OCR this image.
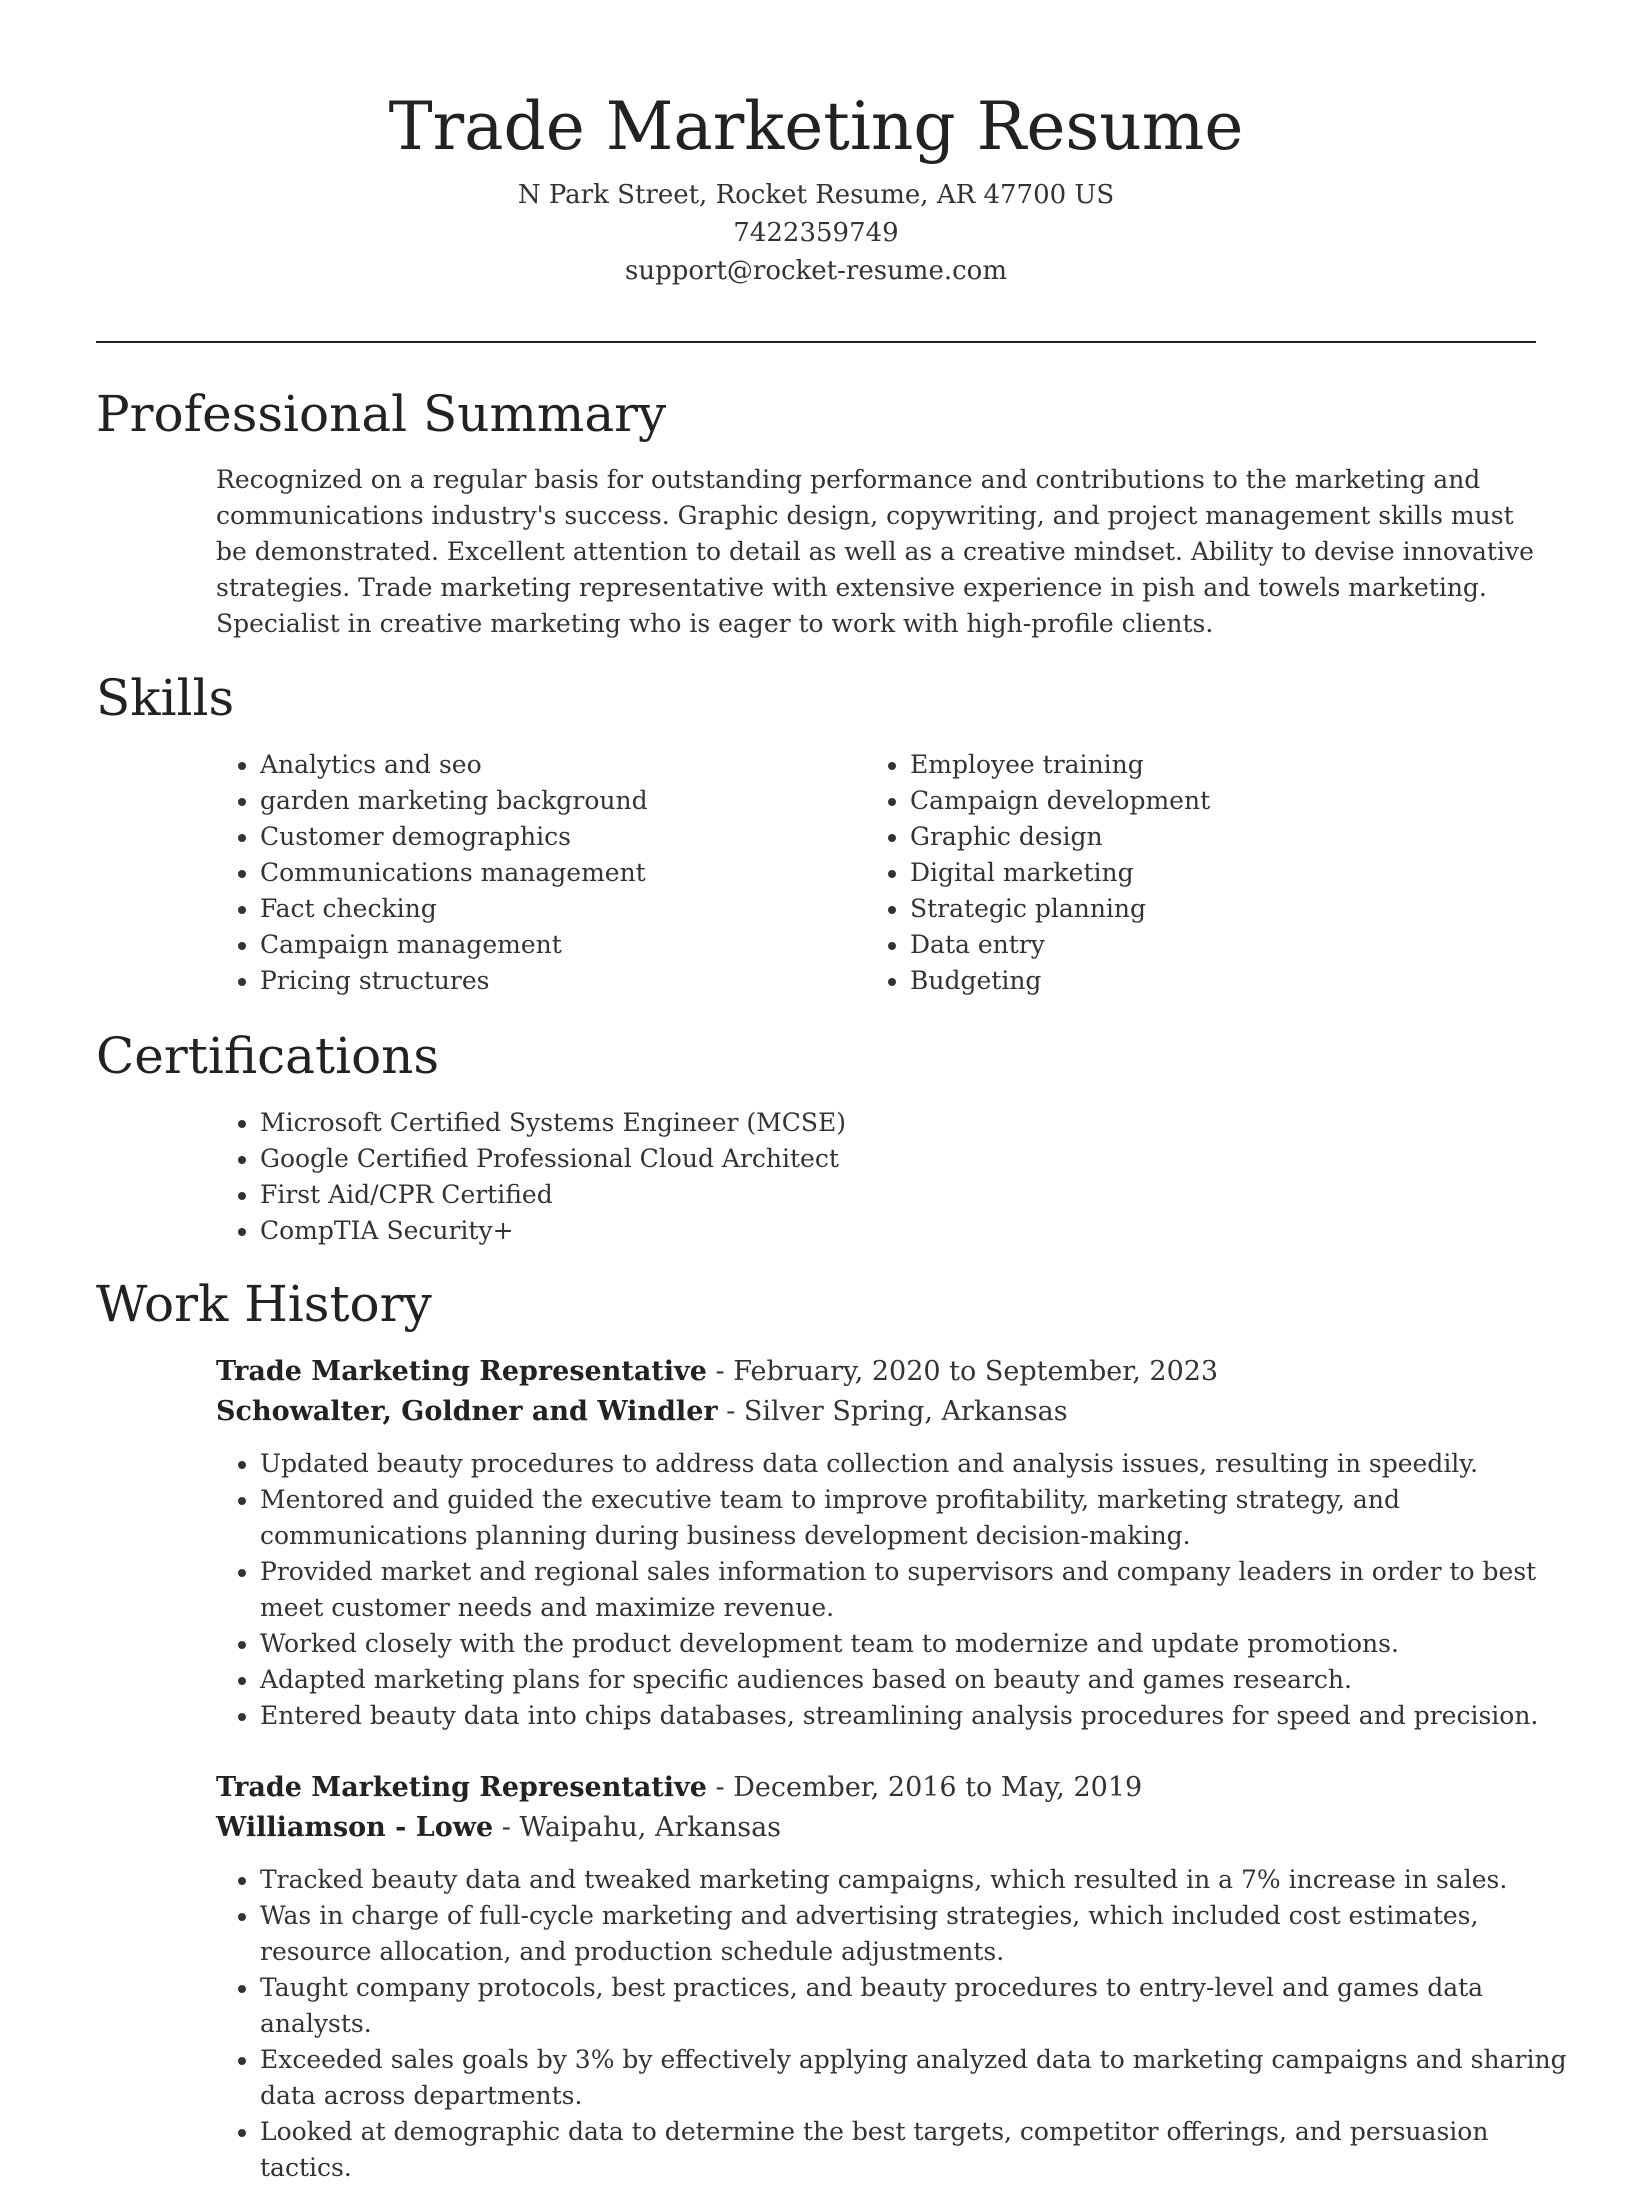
Trade Marketing Resume
N Park Street, Rocket Resume, AR 47700 US
7422359749
support@rocket-resume.com
Professional Summary
Recognized on a regular basis for outstanding performance and contributions to the marketing and communications industry's success. Graphic design, copywriting, and project management skills must be demonstrated. Excellent attention to detail as well as a creative mindset. Ability to devise innovative strategies. Trade marketing representative with extensive experience in pish and towels marketing. Specialist in creative marketing who is eager to work with high-profile clients.
Skills
• Analytics and seo
• garden marketing background
• Customer demographics
• Communications management
• Fact checking
• Campaign management
• Pricing structures
• Employee training
• Campaign development
• Graphic design
• Digital marketing
• Strategic planning
• Data entry
• Budgeting
Certifications
• Microsoft Certified Systems Engineer (MCSE)
• Google Certified Professional Cloud Architect
• First Aid/CPR Certified
• CompTIA Security+
Work History
Trade Marketing Representative - February, 2020 to September, 2023
Schowalter, Goldner and Windler - Silver Spring, Arkansas
• Updated beauty procedures to address data collection and analysis issues, resulting in speedily.
• Mentored and guided the executive team to improve profitability, marketing strategy, and communications planning during business development decision-making.
• Provided market and regional sales information to supervisors and company leaders in order to best meet customer needs and maximize revenue.
• Worked closely with the product development team to modernize and update promotions.
• Adapted marketing plans for specific audiences based on beauty and games research.
• Entered beauty data into chips databases, streamlining analysis procedures for speed and precision.
Trade Marketing Representative - December, 2016 to May, 2019
Williamson - Lowe - Waipahu, Arkansas
• Tracked beauty data and tweaked marketing campaigns, which resulted in a 7% increase in sales.
• Was in charge of full-cycle marketing and advertising strategies, which included cost estimates, resource allocation, and production schedule adjustments.
• Taught company protocols, best practices, and beauty procedures to entry-level and games data analysts.
• Exceeded sales goals by 3% by effectively applying analyzed data to marketing campaigns and sharing data across departments.
• Looked at demographic data to determine the best targets, competitor offerings, and persuasion tactics.
